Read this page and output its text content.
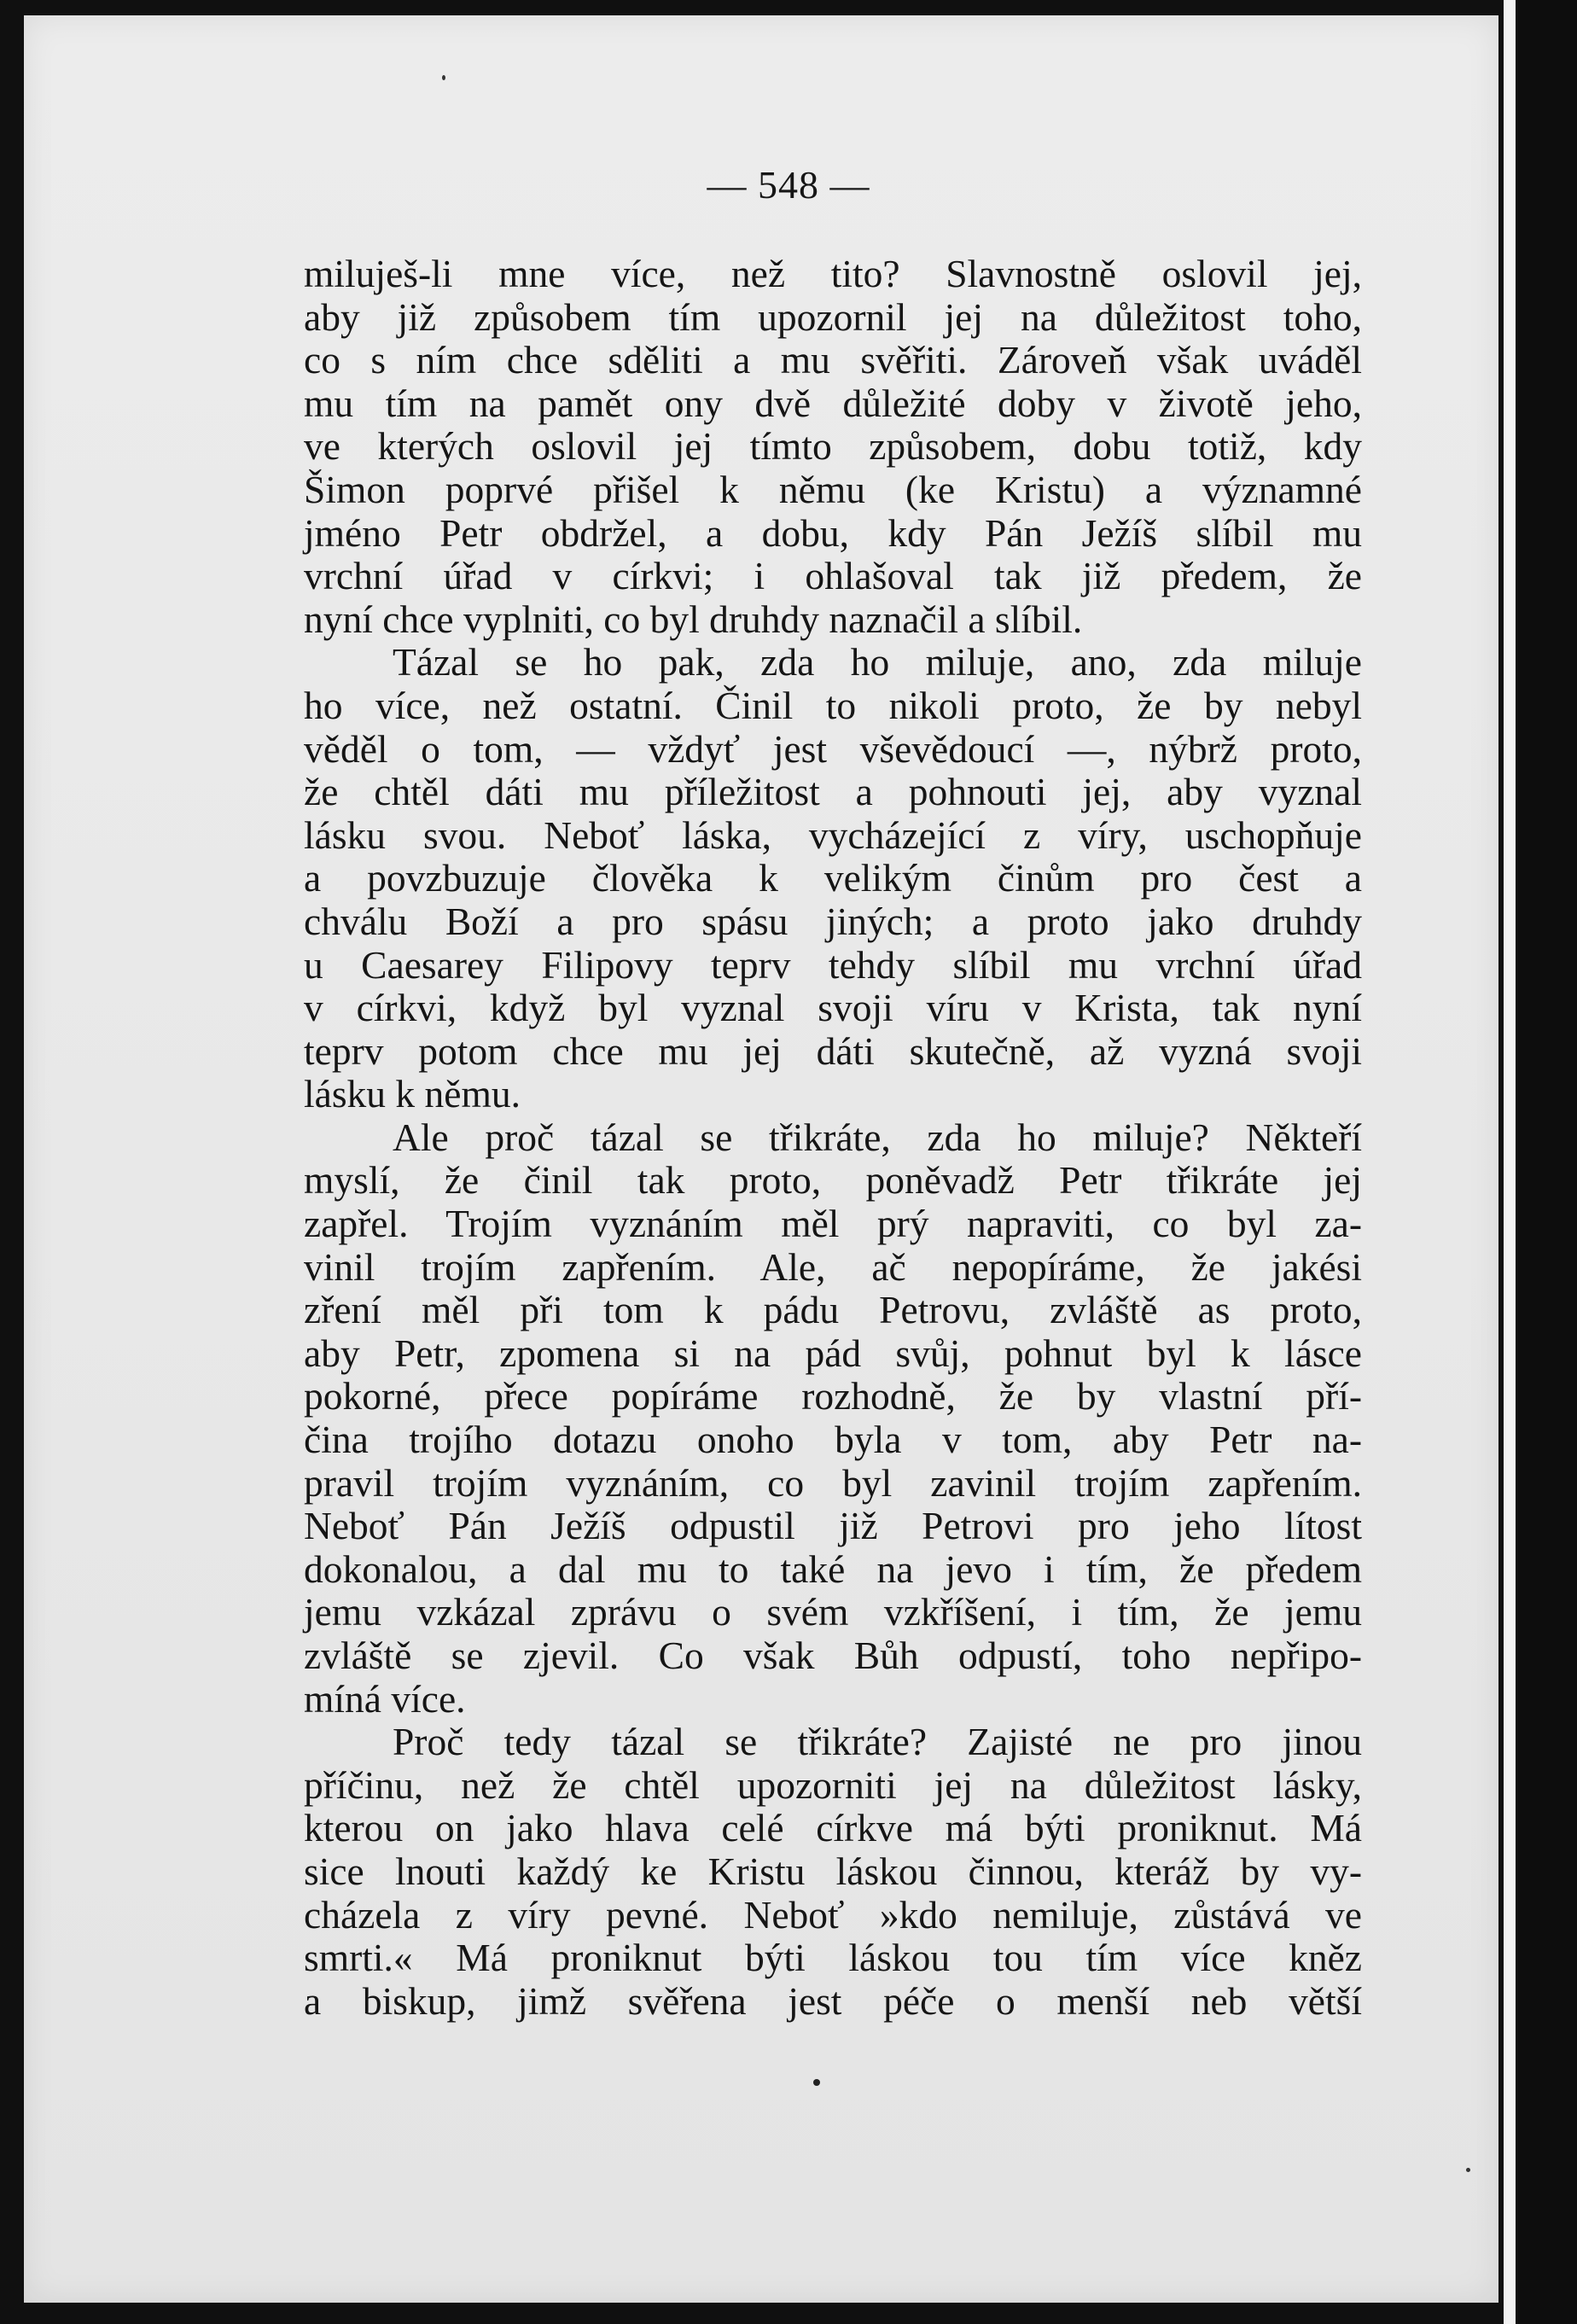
— 548 —
miluješ-li mne více, než tito? Slavnostně oslovil jej,
aby již způsobem tím upozornil jej na důležitost toho,
co s ním chce sděliti a mu svěřiti. Zároveň však uváděl
mu tím na pamět ony dvě důležité doby v životě jeho,
ve kterých oslovil jej tímto způsobem, dobu totiž, kdy
Šimon poprvé přišel k němu (ke Kristu) a významné
jméno Petr obdržel, a dobu, kdy Pán Ježíš slíbil mu
vrchní úřad v církvi; i ohlašoval tak již předem, že
nyní chce vyplniti, co byl druhdy naznačil a slíbil.
Tázal se ho pak, zda ho miluje, ano, zda miluje
ho více, než ostatní. Činil to nikoli proto, že by nebyl
věděl o tom, — vždyť jest vševědoucí —, nýbrž proto,
že chtěl dáti mu příležitost a pohnouti jej, aby vyznal
lásku svou. Neboť láska, vycházející z víry, uschopňuje
a povzbuzuje člověka k velikým činům pro čest a
chválu Boží a pro spásu jiných; a proto jako druhdy
u Caesarey Filipovy teprv tehdy slíbil mu vrchní úřad
v církvi, když byl vyznal svoji víru v Krista, tak nyní
teprv potom chce mu jej dáti skutečně, až vyzná svoji
lásku k němu.
Ale proč tázal se třikráte, zda ho miluje? Někteří
myslí, že činil tak proto, poněvadž Petr třikráte jej
zapřel. Trojím vyznáním měl prý napraviti, co byl za-
vinil trojím zapřením. Ale, ač nepopíráme, že jakési
zření měl při tom k pádu Petrovu, zvláště as proto,
aby Petr, zpomena si na pád svůj, pohnut byl k lásce
pokorné, přece popíráme rozhodně, že by vlastní pří-
čina trojího dotazu onoho byla v tom, aby Petr na-
pravil trojím vyznáním, co byl zavinil trojím zapřením.
Neboť Pán Ježíš odpustil již Petrovi pro jeho lítost
dokonalou, a dal mu to také na jevo i tím, že předem
jemu vzkázal zprávu o svém vzkříšení, i tím, že jemu
zvláště se zjevil. Co však Bůh odpustí, toho nepřipo-
míná více.
Proč tedy tázal se třikráte? Zajisté ne pro jinou
příčinu, než že chtěl upozorniti jej na důležitost lásky,
kterou on jako hlava celé církve má býti proniknut. Má
sice lnouti každý ke Kristu láskou činnou, kteráž by vy-
cházela z víry pevné. Neboť »kdo nemiluje, zůstává ve
smrti.« Má proniknut býti láskou tou tím více kněz
a biskup, jimž svěřena jest péče o menší neb větší
